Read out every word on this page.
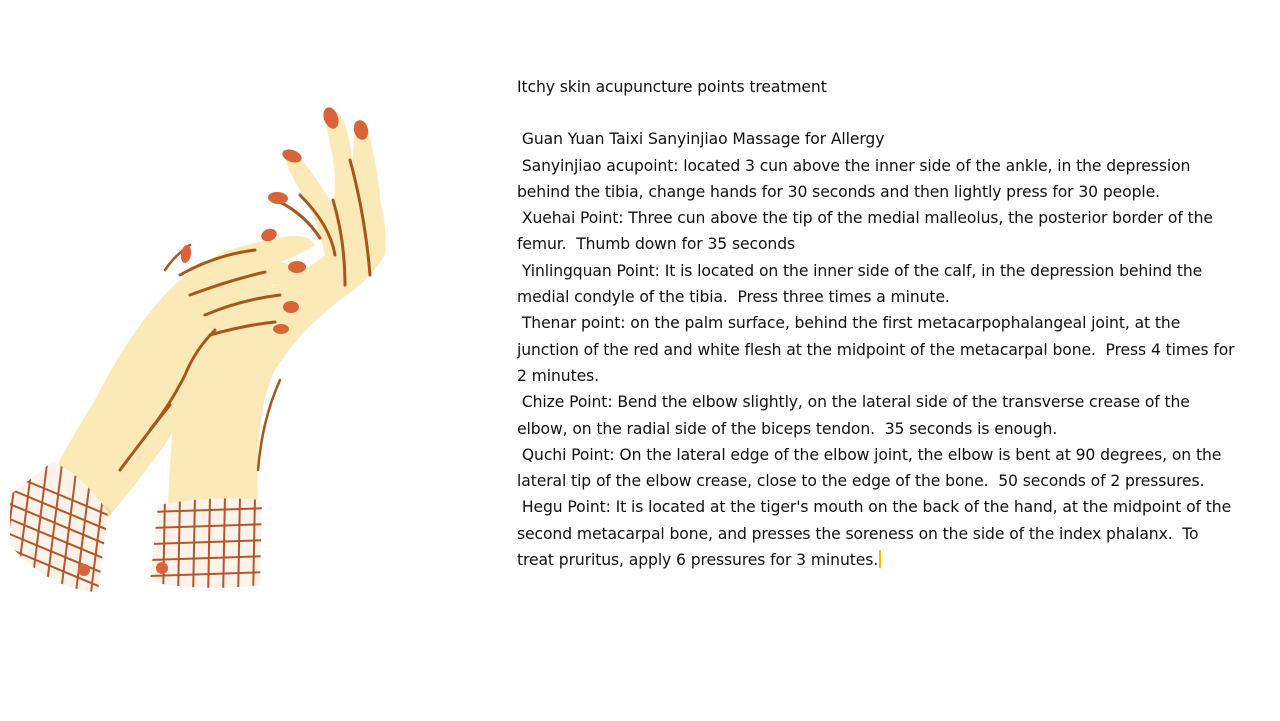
Itchy skin acupuncture points treatment

Guan Yuan Taixi Sanyinjiao Massage for Allergy

Sanyinjiao acupoint: located 3 cun above the inner side of the ankle, in the depression behind the tibia, change hands for 30 seconds and then lightly press for 30 people.

Xuehai Point: Three cun above the tip of the medial malleolus, the posterior border of the femur.  Thumb down for 35 seconds

Yinlingquan Point: It is located on the inner side of the calf, in the depression behind the medial condyle of the tibia.  Press three times a minute.

Thenar point: on the palm surface, behind the first metacarpophalangeal joint, at the junction of the red and white flesh at the midpoint of the metacarpal bone.  Press 4 times for 2 minutes.

Chize Point: Bend the elbow slightly, on the lateral side of the transverse crease of the elbow, on the radial side of the biceps tendon.  35 seconds is enough.

Quchi Point: On the lateral edge of the elbow joint, the elbow is bent at 90 degrees, on the lateral tip of the elbow crease, close to the edge of the bone.  50 seconds of 2 pressures.

Hegu Point: It is located at the tiger's mouth on the back of the hand, at the midpoint of the second metacarpal bone, and presses the soreness on the side of the index phalanx.  To treat pruritus, apply 6 pressures for 3 minutes.
